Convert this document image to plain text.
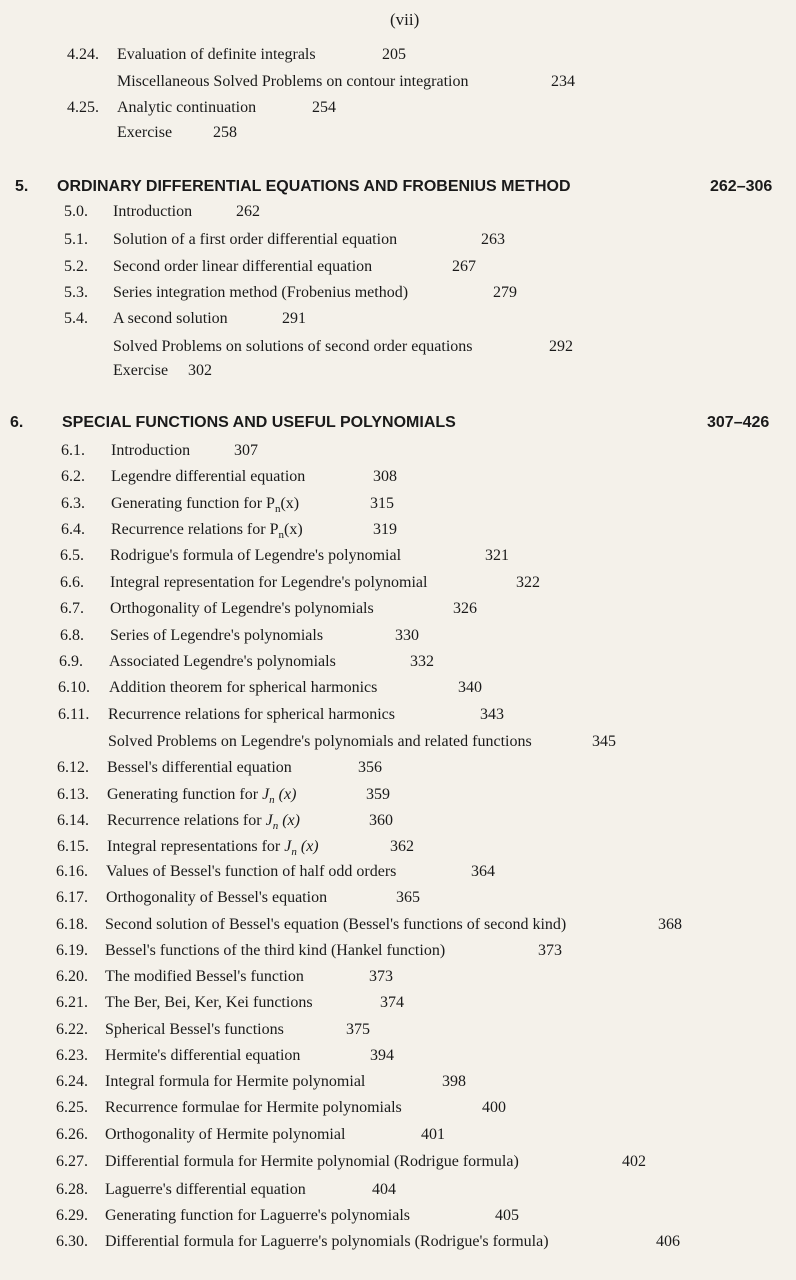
(vii)
4.24. Evaluation of definite integrals	205
Miscellaneous Solved Problems on contour integration	234
4.25. Analytic continuation	254
Exercise	258
5. ORDINARY DIFFERENTIAL EQUATIONS AND FROBENIUS METHOD	262–306
5.0. Introduction	262
5.1. Solution of a first order differential equation	263
5.2. Second order linear differential equation	267
5.3. Series integration method (Frobenius method)	279
5.4. A second solution	291
Solved Problems on solutions of second order equations	292
Exercise 302
6. SPECIAL FUNCTIONS AND USEFUL POLYNOMIALS	307–426
6.1. Introduction	307
6.2. Legendre differential equation	308
6.3. Generating function for $P_n(x)$	315
6.4. Recurrence relations for $P_n(x)$	319
6.5. Rodrigue's formula of Legendre's polynomial	321
6.6. Integral representation for Legendre's polynomial	322
6.7. Orthogonality of Legendre's polynomials	326
6.8. Series of Legendre's polynomials	330
6.9. Associated Legendre's polynomials	332
6.10. Addition theorem for spherical harmonics	340
6.11. Recurrence relations for spherical harmonics	343
Solved Problems on Legendre's polynomials and related functions	345
6.12. Bessel's differential equation	356
6.13. Generating function for $J_n$ (x)	359
6.14. Recurrence relations for $J_n$ (x)	360
6.15. Integral representations for $J_n$ (x)	362
6.16. Values of Bessel's function of half odd orders	364
6.17. Orthogonality of Bessel's equation	365
6.18. Second solution of Bessel's equation (Bessel's functions of second kind)	368
6.19. Bessel's functions of the third kind (Hankel function)	373
6.20. The modified Bessel's function	373
6.21. The Ber, Bei, Ker, Kei functions	374
6.22. Spherical Bessel's functions	375
6.23. Hermite's differential equation	394
6.24. Integral formula for Hermite polynomial	398
6.25. Recurrence formulae for Hermite polynomials	400
6.26. Orthogonality of Hermite polynomial	401
6.27. Differential formula for Hermite polynomial (Rodrigue formula)	402
6.28. Laguerre's differential equation	404
6.29. Generating function for Laguerre's polynomials	405
6.30. Differential formula for Laguerre's polynomials (Rodrigue's formula)	406
